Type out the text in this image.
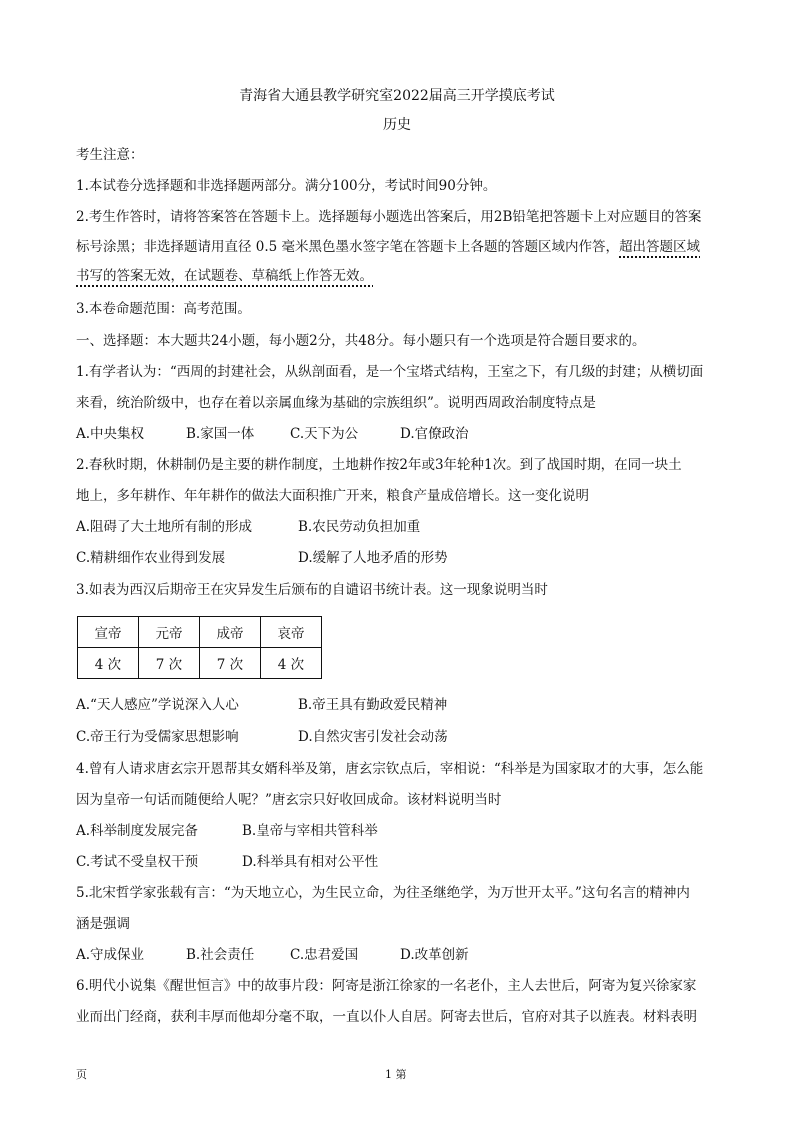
青海省大通县教学研究室2022届高三开学摸底考试
历史
考生注意：
1.本试卷分选择题和非选择题两部分。满分100分，考试时间90分钟。
2.考生作答时，请将答案答在答题卡上。选择题每小题选出答案后，用2B铅笔把答题卡上对应题目的答案
标号涂黑；非选择题请用直径 0.5 毫米黑色墨水签字笔在答题卡上各题的答题区域内作答，超出答题区域
书写的答案无效，在试题卷、草稿纸上作答无效。
3.本卷命题范围：高考范围。
一、选择题：本大题共24小题，每小题2分，共48分。每小题只有一个选项是符合题目要求的。
1.有学者认为：“西周的封建社会，从纵剖面看，是一个宝塔式结构，王室之下，有几级的封建；从横切面
来看，统治阶级中，也存在着以亲属血缘为基础的宗族组织”。说明西周政治制度特点是
A.中央集权	B.家国一体	C.天下为公	D.官僚政治
2.春秋时期，休耕制仍是主要的耕作制度，土地耕作按2年或3年轮种1次。到了战国时期，在同一块土
地上，多年耕作、年年耕作的做法大面积推广开来，粮食产量成倍增长。这一变化说明
A.阻碍了大土地所有制的形成	B.农民劳动负担加重
C.精耕细作农业得到发展	D.缓解了人地矛盾的形势
3.如表为西汉后期帝王在灾异发生后颁布的自谴诏书统计表。这一现象说明当时
宣帝	元帝	成帝	哀帝
4 次	7 次	7 次	4 次
A.“天人感应”学说深入人心	B.帝王具有勤政爱民精神
C.帝王行为受儒家思想影响	D.自然灾害引发社会动荡
4.曾有人请求唐玄宗开恩帮其女婿科举及第，唐玄宗钦点后，宰相说：“科举是为国家取才的大事，怎么能
因为皇帝一句话而随便给人呢？”唐玄宗只好收回成命。该材料说明当时
A.科举制度发展完备	B.皇帝与宰相共管科举
C.考试不受皇权干预	D.科举具有相对公平性
5.北宋哲学家张载有言：“为天地立心，为生民立命，为往圣继绝学，为万世开太平。”这句名言的精神内
涵是强调
A.守成保业	B.社会责任	C.忠君爱国	D.改革创新
6.明代小说集《醒世恒言》中的故事片段：阿寄是浙江徐家的一名老仆，主人去世后，阿寄为复兴徐家家
业而出门经商，获利丰厚而他却分毫不取，一直以仆人自居。阿寄去世后，官府对其子以旌表。材料表明
页	1 第
